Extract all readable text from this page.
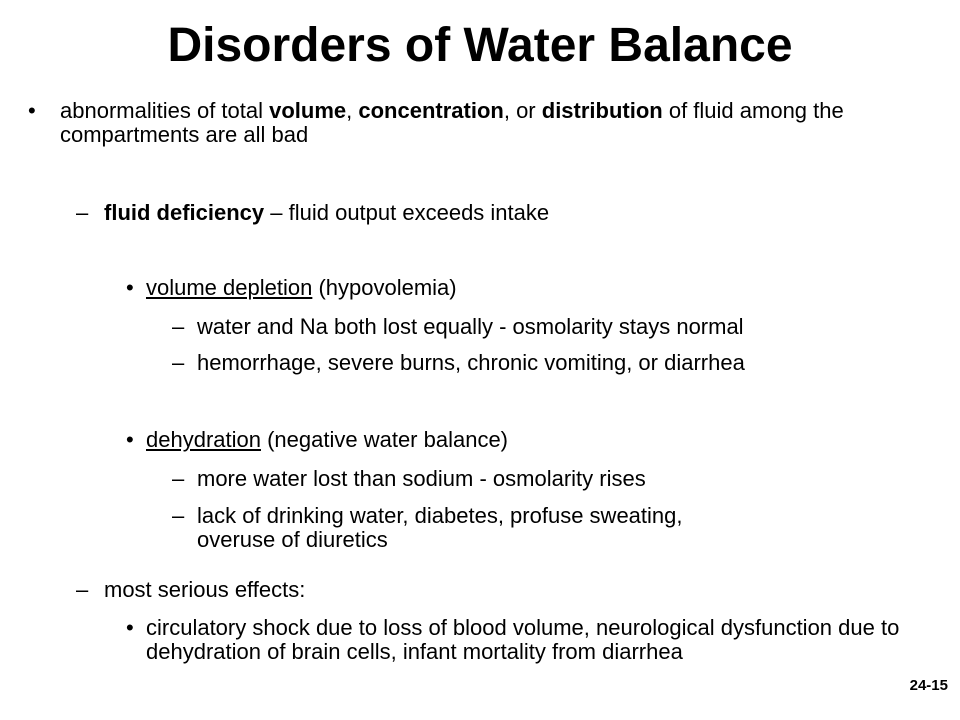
Disorders of Water Balance
• abnormalities of total volume, concentration, or distribution of fluid among the compartments are all bad
– fluid deficiency – fluid output exceeds intake
• volume depletion (hypovolemia)
– water and Na both lost equally - osmolarity stays normal
– hemorrhage, severe burns, chronic vomiting, or diarrhea
• dehydration (negative water balance)
– more water lost than sodium - osmolarity rises
– lack of drinking water, diabetes, profuse sweating, overuse of diuretics
– most serious effects:
• circulatory shock due to loss of blood volume, neurological dysfunction due to dehydration of brain cells, infant mortality from diarrhea
24-15
